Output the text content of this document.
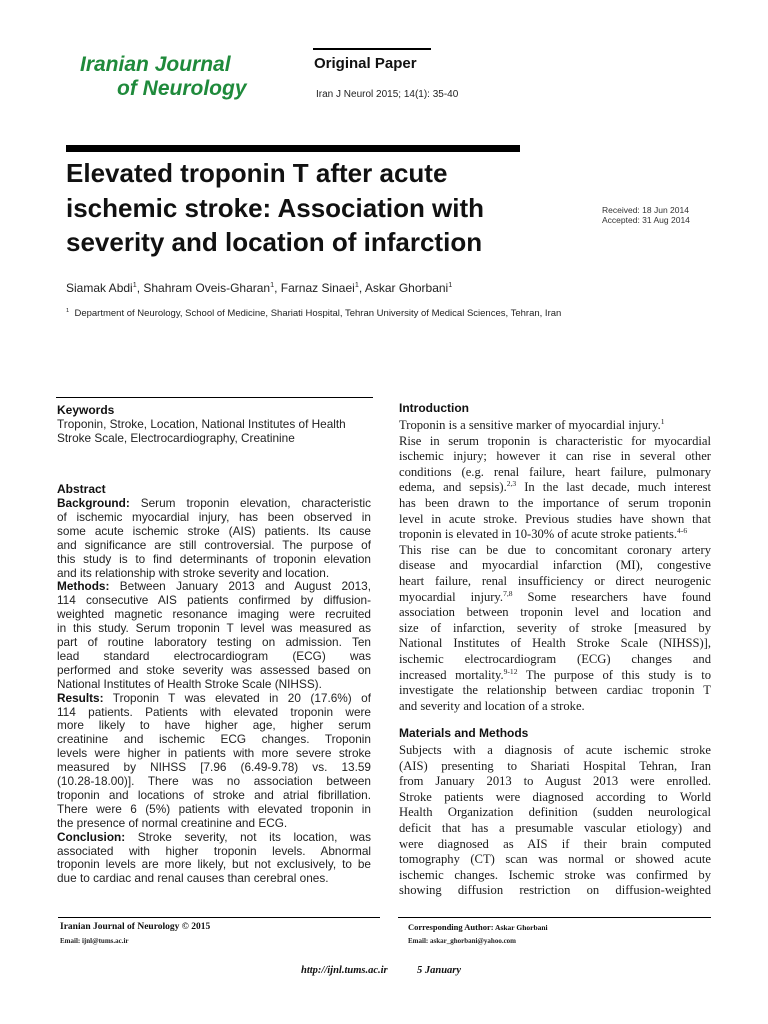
Iranian Journal
of Neurology
Original Paper
Iran J Neurol 2015; 14(1): 35-40
Elevated troponin T after acute
ischemic stroke: Association with
severity and location of infarction
Received: 18 Jun 2014
Accepted: 31 Aug 2014
Siamak Abdi$^1$, Shahram Oveis-Gharan$^1$, Farnaz Sinaei$^1$, Askar Ghorbani$^1$
$^1$ Department of Neurology, School of Medicine, Shariati Hospital, Tehran University of Medical Sciences, Tehran, Iran
Keywords
Troponin, Stroke, Location, National Institutes of Health
Stroke Scale, Electrocardiography, Creatinine
Abstract
Background: Serum troponin elevation, characteristic
of ischemic myocardial injury, has been observed in
some acute ischemic stroke (AIS) patients. Its cause
and significance are still controversial. The purpose of
this study is to find determinants of troponin elevation
and its relationship with stroke severity and location.
Methods: Between January 2013 and August 2013,
114 consecutive AIS patients confirmed by diffusion-
weighted magnetic resonance imaging were recruited
in this study. Serum troponin T level was measured as
part of routine laboratory testing on admission. Ten
lead standard electrocardiogram (ECG) was
performed and stoke severity was assessed based on
National Institutes of Health Stroke Scale (NIHSS).
Results: Troponin T was elevated in 20 (17.6%) of
114 patients. Patients with elevated troponin were
more likely to have higher age, higher serum
creatinine and ischemic ECG changes. Troponin
levels were higher in patients with more severe stroke
measured by NIHSS [7.96 (6.49-9.78) vs. 13.59
(10.28-18.00)]. There was no association between
troponin and locations of stroke and atrial fibrillation.
There were 6 (5%) patients with elevated troponin in
the presence of normal creatinine and ECG.
Conclusion: Stroke severity, not its location, was
associated with higher troponin levels. Abnormal
troponin levels are more likely, but not exclusively, to be
due to cardiac and renal causes than cerebral ones.
Introduction
Troponin is a sensitive marker of myocardial injury.$^1$
Rise in serum troponin is characteristic for myocardial
ischemic injury; however it can rise in several other
conditions (e.g. renal failure, heart failure, pulmonary
edema, and sepsis).$^{2,3}$ In the last decade, much interest
has been drawn to the importance of serum troponin
level in acute stroke. Previous studies have shown that
troponin is elevated in 10-30% of acute stroke patients.$^{4-6}$
This rise can be due to concomitant coronary artery
disease and myocardial infarction (MI), congestive
heart failure, renal insufficiency or direct neurogenic
myocardial injury.$^{7,8}$ Some researchers have found
association between troponin level and location and
size of infarction, severity of stroke [measured by
National Institutes of Health Stroke Scale (NIHSS)],
ischemic electrocardiogram (ECG) changes and
increased mortality.$^{9-12}$ The purpose of this study is to
investigate the relationship between cardiac troponin T
and severity and location of a stroke.
Materials and Methods
Subjects with a diagnosis of acute ischemic stroke
(AIS) presenting to Shariati Hospital Tehran, Iran
from January 2013 to August 2013 were enrolled.
Stroke patients were diagnosed according to World
Health Organization definition (sudden neurological
deficit that has a presumable vascular etiology) and
were diagnosed as AIS if their brain computed
tomography (CT) scan was normal or showed acute
ischemic changes. Ischemic stroke was confirmed by
showing diffusion restriction on diffusion-weighted
Iranian Journal of Neurology © 2015
Email: ijnl@tums.ac.ir
Corresponding Author: Askar Ghorbani
Email: askar_ghorbani@yahoo.com
http://ijnl.tums.ac.ir	5 January
